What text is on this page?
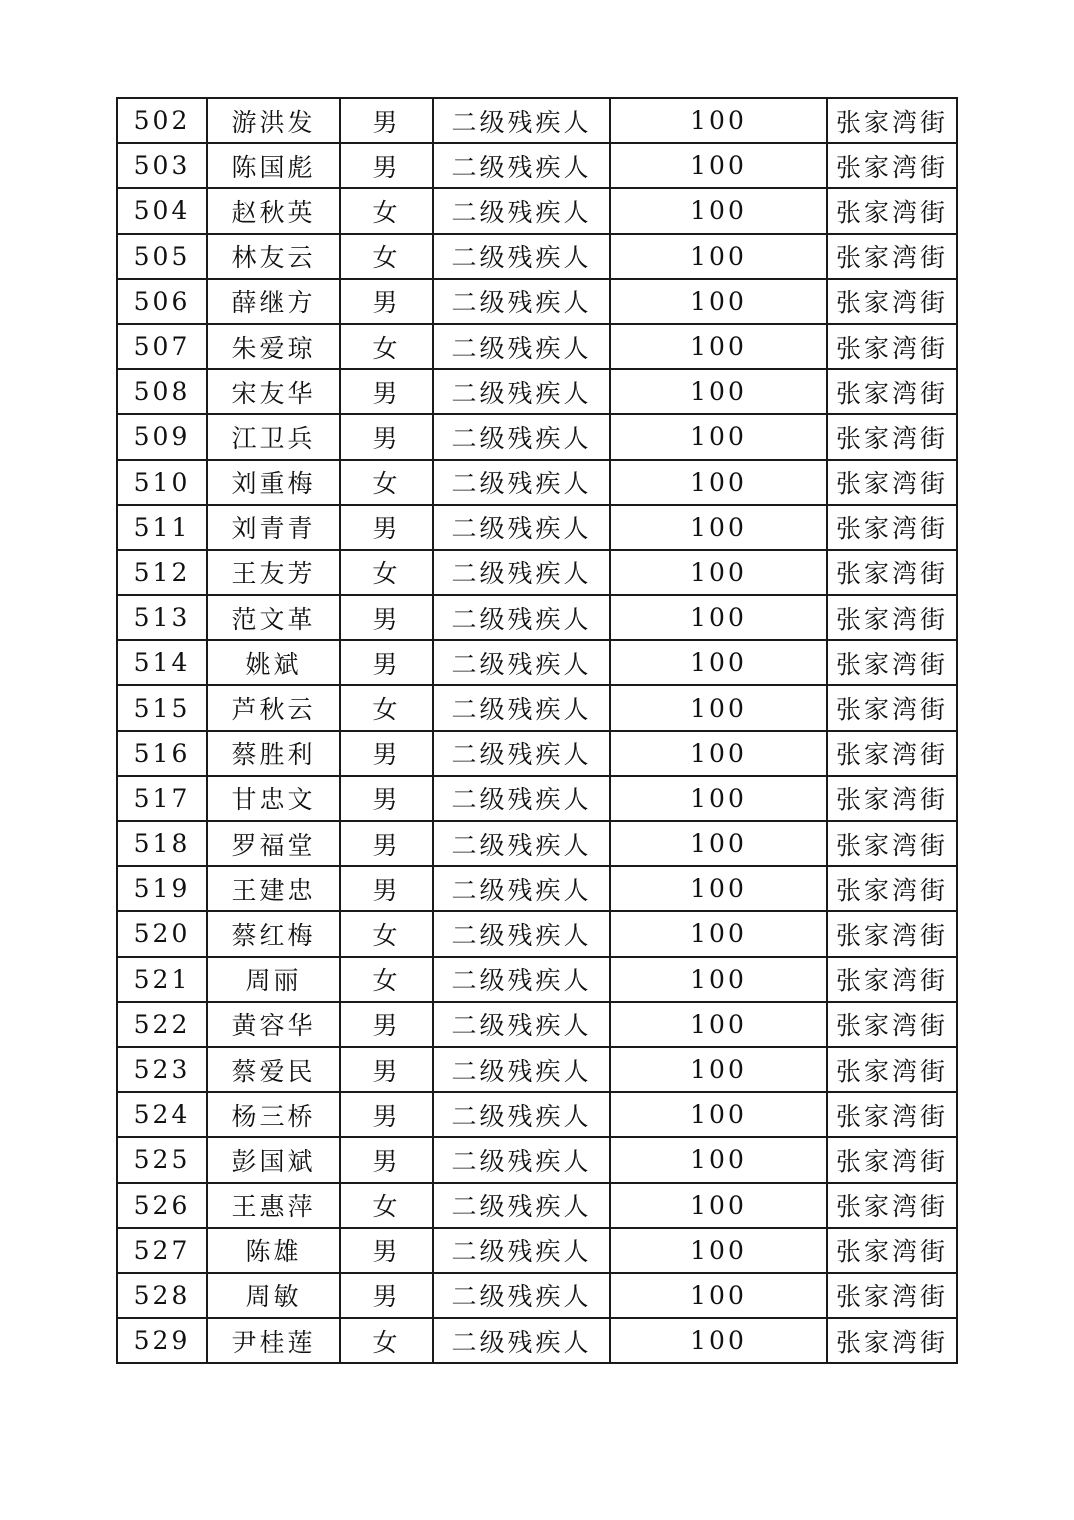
502	游洪发	男	二级残疾人	100	张家湾街
503	陈国彪	男	二级残疾人	100	张家湾街
504	赵秋英	女	二级残疾人	100	张家湾街
505	林友云	女	二级残疾人	100	张家湾街
506	薛继方	男	二级残疾人	100	张家湾街
507	朱爱琼	女	二级残疾人	100	张家湾街
508	宋友华	男	二级残疾人	100	张家湾街
509	江卫兵	男	二级残疾人	100	张家湾街
510	刘重梅	女	二级残疾人	100	张家湾街
511	刘青青	男	二级残疾人	100	张家湾街
512	王友芳	女	二级残疾人	100	张家湾街
513	范文革	男	二级残疾人	100	张家湾街
514	姚斌	男	二级残疾人	100	张家湾街
515	芦秋云	女	二级残疾人	100	张家湾街
516	蔡胜利	男	二级残疾人	100	张家湾街
517	甘忠文	男	二级残疾人	100	张家湾街
518	罗福堂	男	二级残疾人	100	张家湾街
519	王建忠	男	二级残疾人	100	张家湾街
520	蔡红梅	女	二级残疾人	100	张家湾街
521	周丽	女	二级残疾人	100	张家湾街
522	黄容华	男	二级残疾人	100	张家湾街
523	蔡爱民	男	二级残疾人	100	张家湾街
524	杨三桥	男	二级残疾人	100	张家湾街
525	彭国斌	男	二级残疾人	100	张家湾街
526	王惠萍	女	二级残疾人	100	张家湾街
527	陈雄	男	二级残疾人	100	张家湾街
528	周敏	男	二级残疾人	100	张家湾街
529	尹桂莲	女	二级残疾人	100	张家湾街
